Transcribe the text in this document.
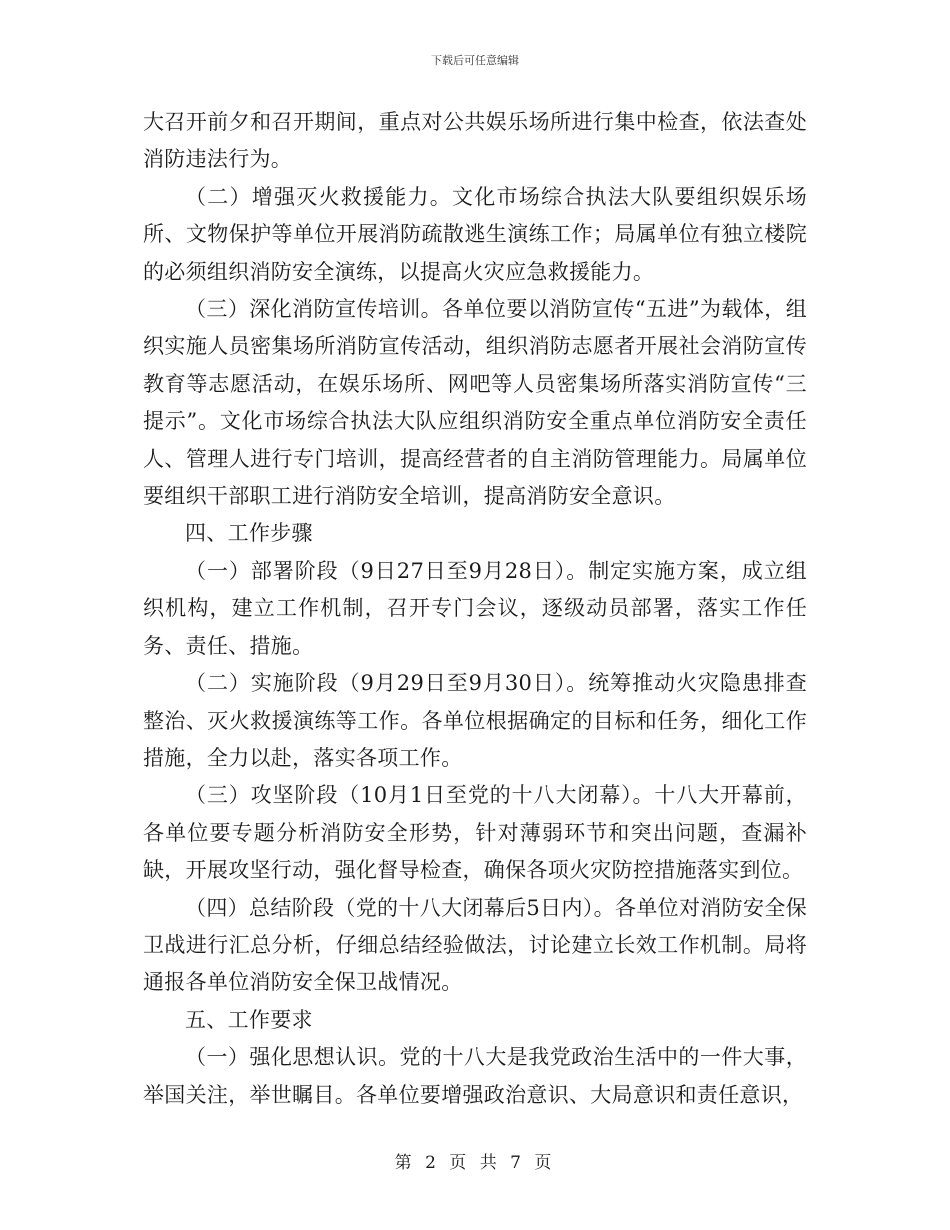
下载后可任意编辑

大召开前夕和召开期间，重点对公共娱乐场所进行集中检查，依法查处消防违法行为。

（二）增强灭火救援能力。文化市场综合执法大队要组织娱乐场所、文物保护等单位开展消防疏散逃生演练工作；局属单位有独立楼院的必须组织消防安全演练，以提高火灾应急救援能力。

（三）深化消防宣传培训。各单位要以消防宣传“五进”为载体，组织实施人员密集场所消防宣传活动，组织消防志愿者开展社会消防宣传教育等志愿活动，在娱乐场所、网吧等人员密集场所落实消防宣传“三提示”。文化市场综合执法大队应组织消防安全重点单位消防安全责任人、管理人进行专门培训，提高经营者的自主消防管理能力。局属单位要组织干部职工进行消防安全培训，提高消防安全意识。

四、工作步骤

（一）部署阶段（9日27日至9月28日）。制定实施方案，成立组织机构，建立工作机制，召开专门会议，逐级动员部署，落实工作任务、责任、措施。

（二）实施阶段（9月29日至9月30日）。统筹推动火灾隐患排查整治、灭火救援演练等工作。各单位根据确定的目标和任务，细化工作措施，全力以赴，落实各项工作。

（三）攻坚阶段（10月1日至党的十八大闭幕）。十八大开幕前，各单位要专题分析消防安全形势，针对薄弱环节和突出问题，查漏补缺，开展攻坚行动，强化督导检查，确保各项火灾防控措施落实到位。

（四）总结阶段（党的十八大闭幕后5日内）。各单位对消防安全保卫战进行汇总分析，仔细总结经验做法，讨论建立长效工作机制。局将通报各单位消防安全保卫战情况。

五、工作要求

（一）强化思想认识。党的十八大是我党政治生活中的一件大事，举国关注，举世瞩目。各单位要增强政治意识、大局意识和责任意识，

第 2 页 共 7 页
